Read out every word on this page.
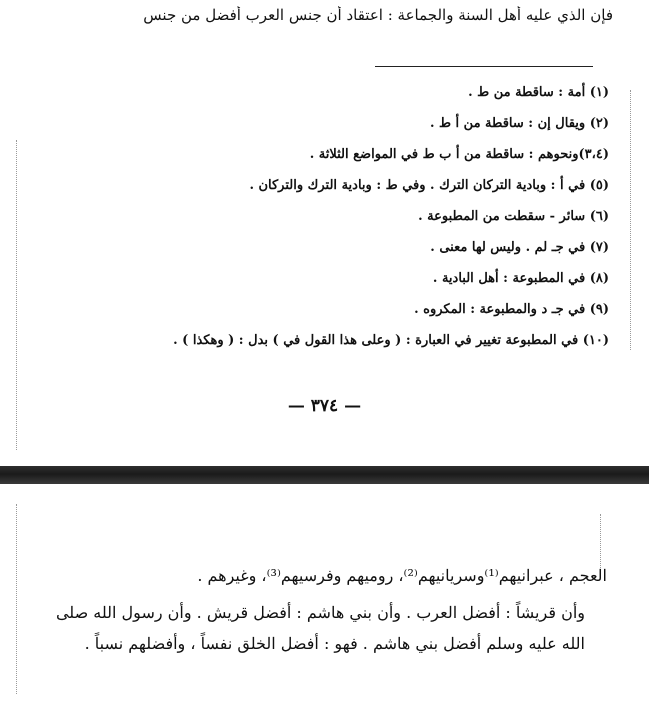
فإن الذي عليه أهل السنة والجماعة : اعتقاد أن جنس العرب أفضل من جنس
(١) أمة : ساقطة من ط .
(٢) ويقال إن : ساقطة من أ ط .
(٣،٤)ونحوهم : ساقطة من أ ب ط في المواضع الثلاثة .
(٥) في أ : وبادية التركان الترك . وفي ط : وبادية الترك والتركان .
(٦) سائر - سقطت من المطبوعة .
(٧) في جـ لم . وليس لها معنى .
(٨) في المطبوعة : أهل البادية .
(٩) في جـ د والمطبوعة : المكروه .
(١٠) في المطبوعة تغيير في العبارة : ( وعلى هذا القول في ) بدل : ( وهكذا ) .
— ٣٧٤ —

العجم ، عبرانيهم⁽¹⁾وسريانيهم⁽²⁾، روميهم وفرسيهم⁽³⁾، وغيرهم .

وأن قريشاً : أفضل العرب . وأن بني هاشم : أفضل قريش . وأن رسول الله صلى الله عليه وسلم أفضل بني هاشم . فهو : أفضل الخلق نفساً ، وأفضلهم نسباً .
